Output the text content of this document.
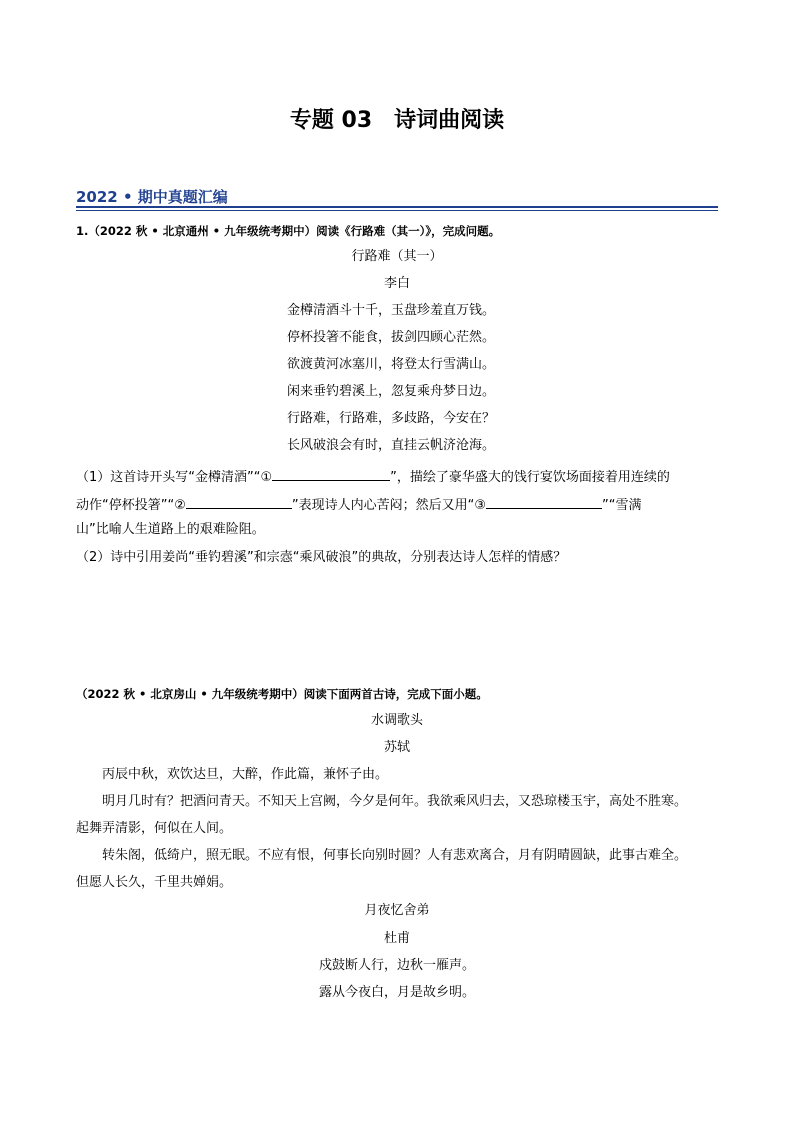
专题 03　诗词曲阅读
2022 • 期中真题汇编
1.（2022 秋 • 北京通州 • 九年级统考期中）阅读《行路难（其一）》，完成问题。
行路难（其一）
李白
金樽清酒斗十千，玉盘珍羞直万钱。
停杯投箸不能食，拔剑四顾心茫然。
欲渡黄河冰塞川，将登太行雪满山。
闲来垂钓碧溪上，忽复乘舟梦日边。
行路难，行路难，多歧路，今安在？
长风破浪会有时，直挂云帆济沧海。
（1）这首诗开头写“金樽清酒”“①	”，描绘了豪华盛大的饯行宴饮场面接着用连续的
动作“停杯投箸”“②	”表现诗人内心苦闷；然后又用“③	”“雪满
山”比喻人生道路上的艰难险阻。
（2）诗中引用姜尚“垂钓碧溪”和宗悫“乘风破浪”的典故，分别表达诗人怎样的情感？
（2022 秋 • 北京房山 • 九年级统考期中）阅读下面两首古诗，完成下面小题。
水调歌头
苏轼
丙辰中秋，欢饮达旦，大醉，作此篇，兼怀子由。
明月几时有？把酒问青天。不知天上宫阙，今夕是何年。我欲乘风归去，又恐琼楼玉宇，高处不胜寒。
起舞弄清影，何似在人间。
转朱阁，低绮户，照无眠。不应有恨，何事长向别时圆？人有悲欢离合，月有阴晴圆缺，此事古难全。
但愿人长久，千里共婵娟。
月夜忆舍弟
杜甫
戍鼓断人行，边秋一雁声。
露从今夜白，月是故乡明。
